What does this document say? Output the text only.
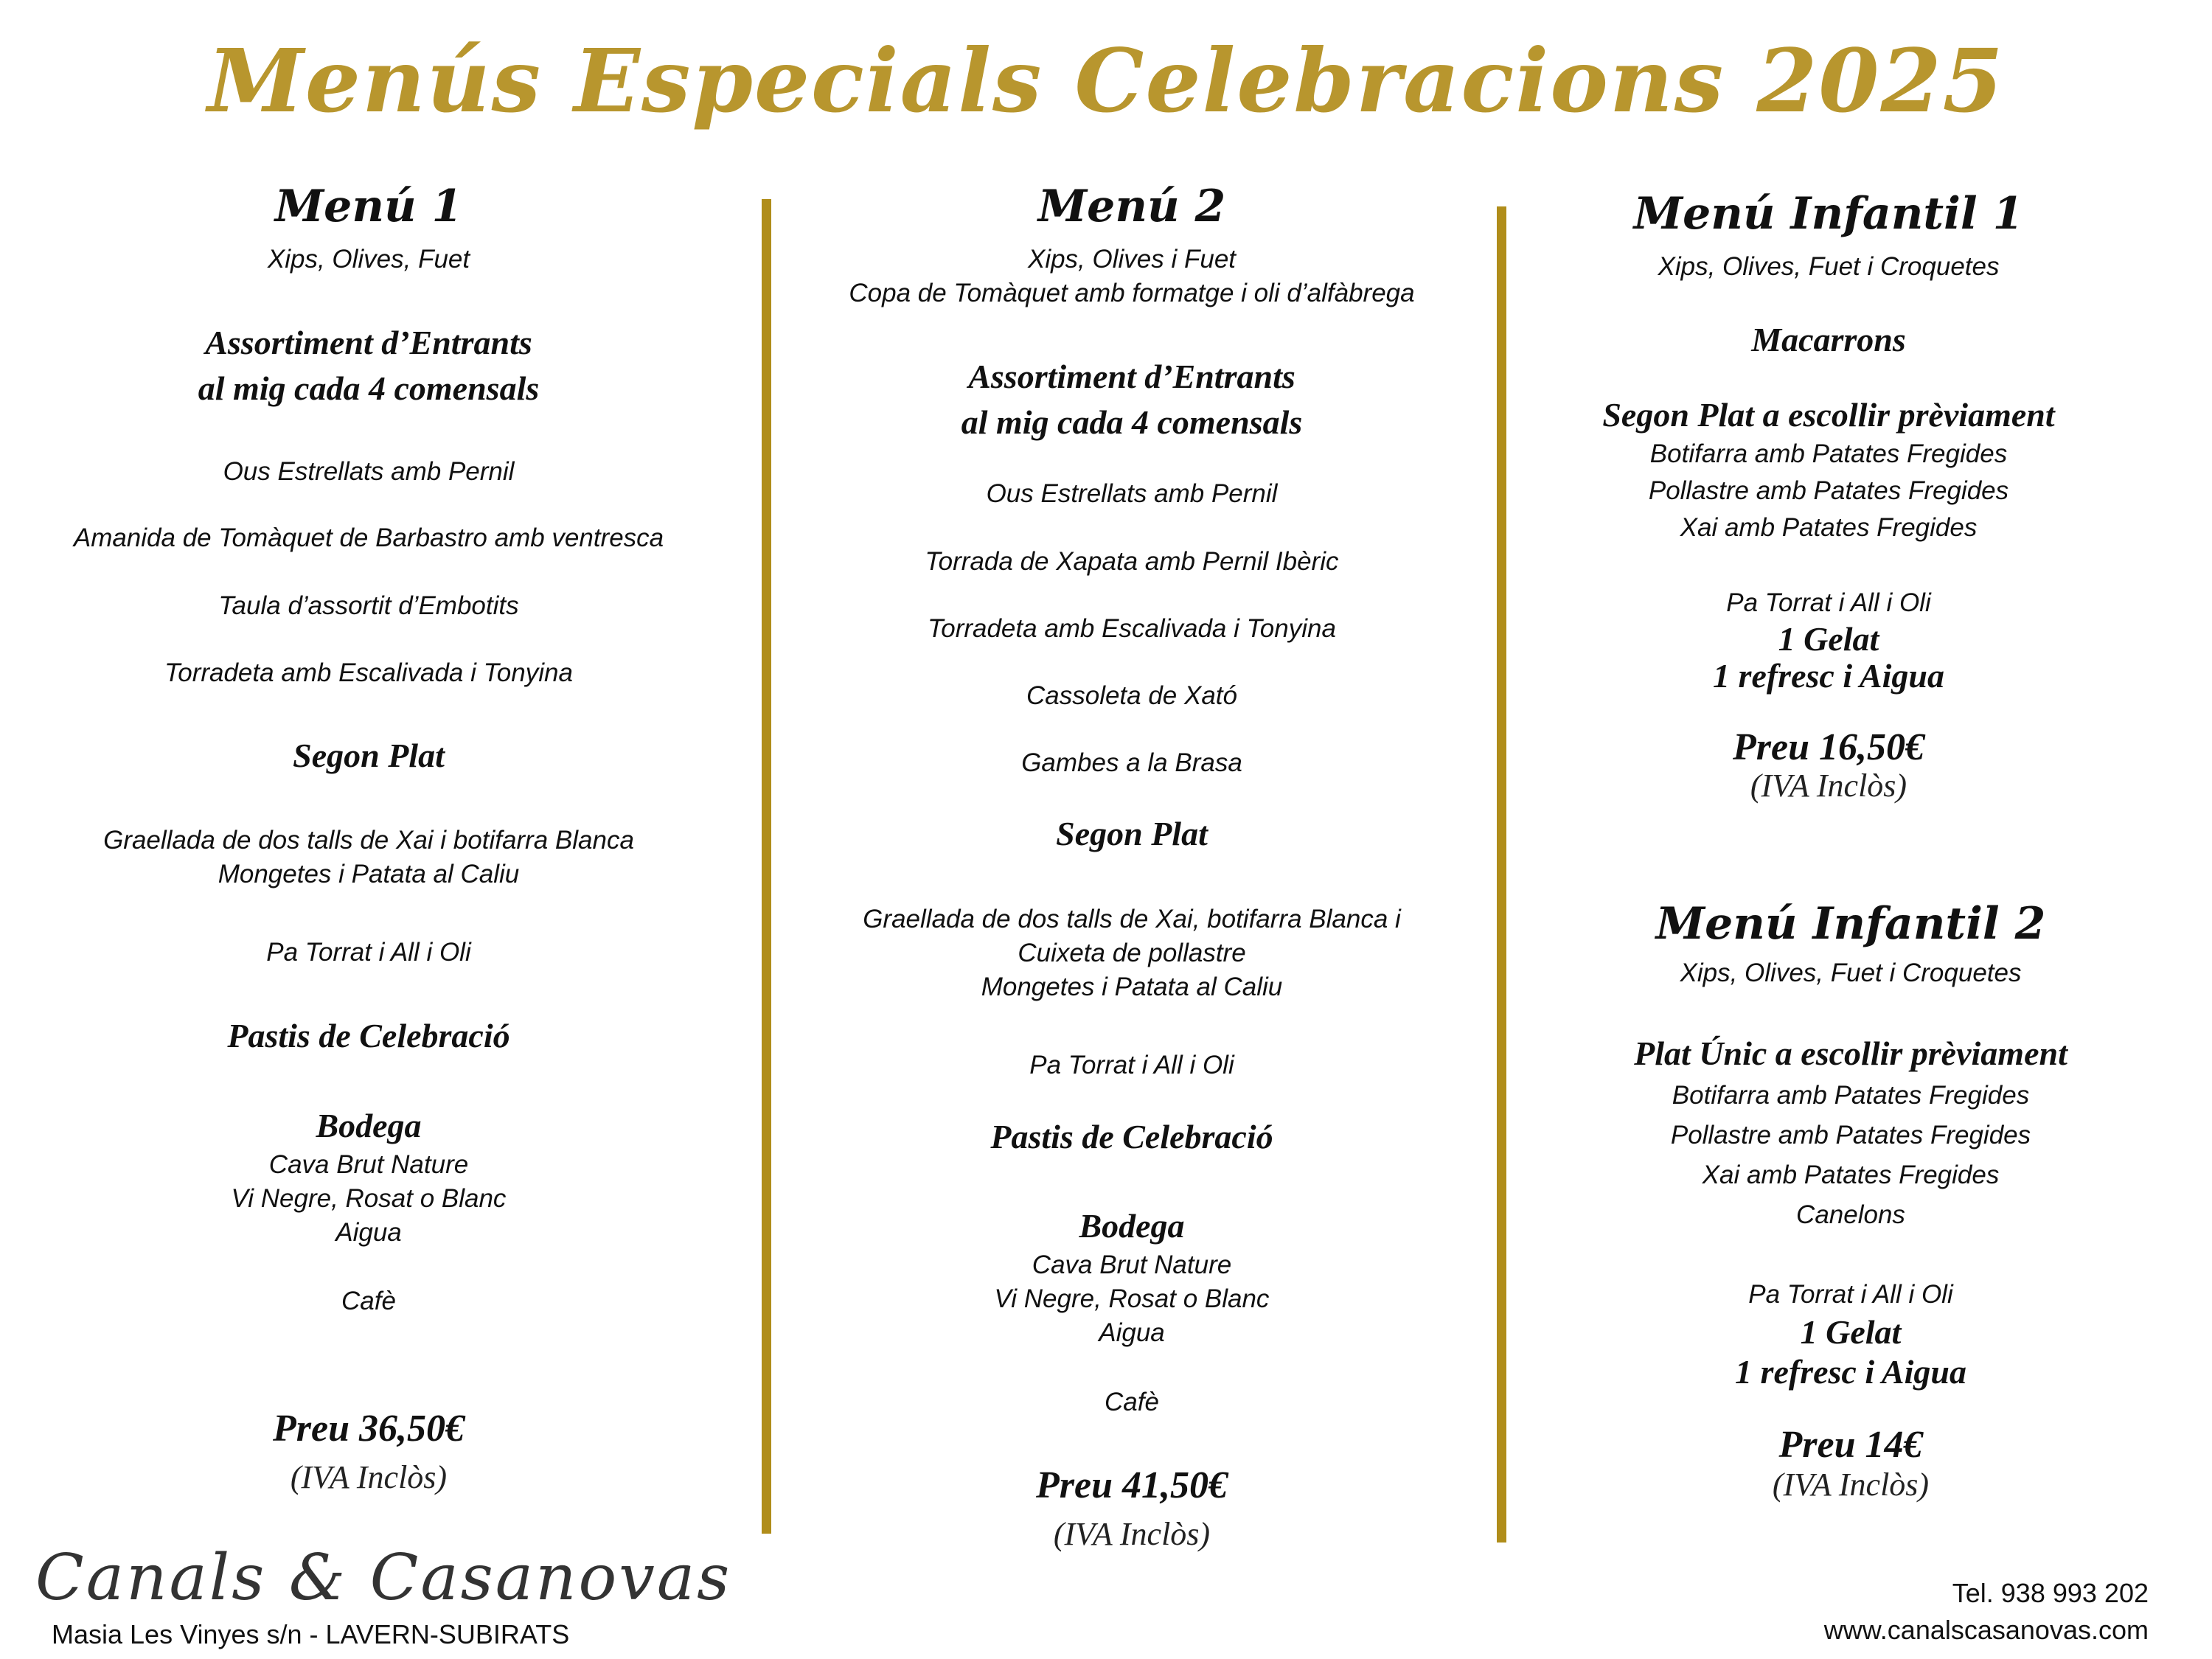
Menús Especials Celebracions 2025
Menú 1
Xips, Olives, Fuet
Assortiment d’Entrants
al mig cada 4 comensals
Ous Estrellats amb Pernil
Amanida de Tomàquet de Barbastro amb ventresca
Taula d’assortit d’Embotits
Torradeta amb Escalivada i Tonyina
Segon Plat
Graellada de dos talls de Xai i botifarra Blanca
Mongetes i Patata al Caliu
Pa Torrat i All i Oli
Pastis de Celebració
Bodega
Cava Brut Nature
Vi Negre, Rosat o Blanc
Aigua
Cafè
Preu 36,50€
(IVA Inclòs)
Menú 2
Xips, Olives i Fuet
Copa de Tomàquet amb formatge i oli d’alfàbrega
Assortiment d’Entrants
al mig cada 4 comensals
Ous Estrellats amb Pernil
Torrada de Xapata amb Pernil Ibèric
Torradeta amb Escalivada i Tonyina
Cassoleta de Xató
Gambes a la Brasa
Segon Plat
Graellada de dos talls de Xai, botifarra Blanca i
Cuixeta de pollastre
Mongetes i Patata al Caliu
Pa Torrat i All i Oli
Pastis de Celebració
Bodega
Cava Brut Nature
Vi Negre, Rosat o Blanc
Aigua
Cafè
Preu 41,50€
(IVA Inclòs)
Menú Infantil 1
Xips, Olives, Fuet i Croquetes
Macarrons
Segon Plat a escollir prèviament
Botifarra amb Patates Fregides
Pollastre amb Patates Fregides
Xai amb Patates Fregides
Pa Torrat i All i Oli
1 Gelat
1 refresc i Aigua
Preu 16,50€
(IVA Inclòs)
Menú Infantil 2
Xips, Olives, Fuet i Croquetes
Plat Únic a escollir prèviament
Botifarra amb Patates Fregides
Pollastre amb Patates Fregides
Xai amb Patates Fregides
Canelons
Pa Torrat i All i Oli
1 Gelat
1 refresc i Aigua
Preu 14€
(IVA Inclòs)
Canals & Casanovas
Masia Les Vinyes s/n - LAVERN-SUBIRATS
Tel. 938 993 202
www.canalscasanovas.com
